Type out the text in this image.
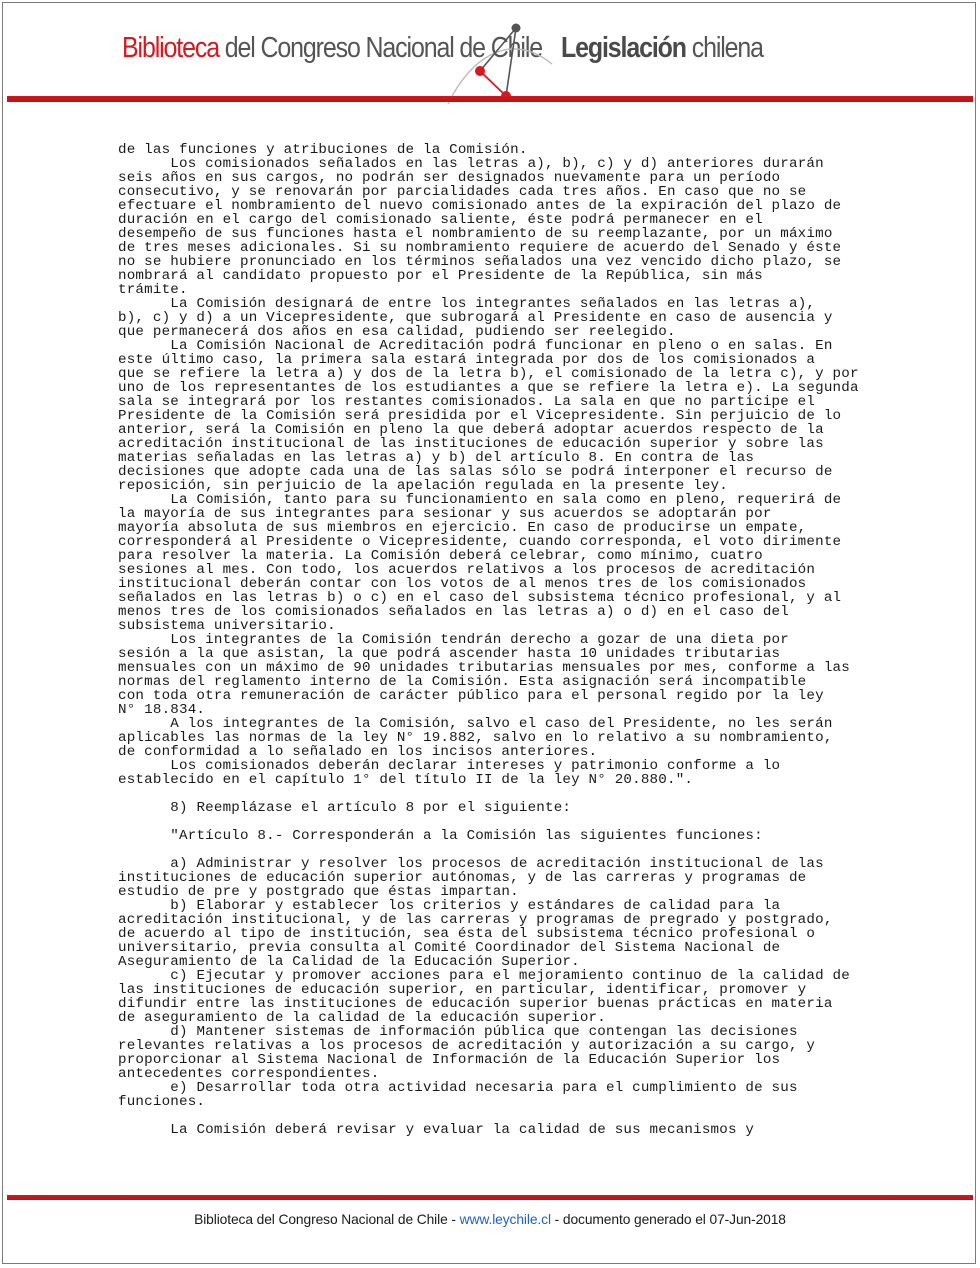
Biblioteca del Congreso Nacional de Chile Legislación chilena

de las funciones y atribuciones de la Comisión.

Los comisionados señalados en las letras a), b), c) y d) anteriores durarán

seis años en sus cargos, no podrán ser designados nuevamente para un período

consecutivo, y se renovarán por parcialidades cada tres años. En caso que no se

efectuare el nombramiento del nuevo comisionado antes de la expiración del plazo de

duración en el cargo del comisionado saliente, éste podrá permanecer en el

desempeño de sus funciones hasta el nombramiento de su reemplazante, por un máximo

de tres meses adicionales. Si su nombramiento requiere de acuerdo del Senado y éste

no se hubiere pronunciado en los términos señalados una vez vencido dicho plazo, se

nombrará al candidato propuesto por el Presidente de la República, sin más

trámite.

La Comisión designará de entre los integrantes señalados en las letras a),

b), c) y d) a un Vicepresidente, que subrogará al Presidente en caso de ausencia y

que permanecerá dos años en esa calidad, pudiendo ser reelegido.

La Comisión Nacional de Acreditación podrá funcionar en pleno o en salas. En

este último caso, la primera sala estará integrada por dos de los comisionados a

que se refiere la letra a) y dos de la letra b), el comisionado de la letra c), y por

uno de los representantes de los estudiantes a que se refiere la letra e). La segunda

sala se integrará por los restantes comisionados. La sala en que no participe el

Presidente de la Comisión será presidida por el Vicepresidente. Sin perjuicio de lo

anterior, será la Comisión en pleno la que deberá adoptar acuerdos respecto de la

acreditación institucional de las instituciones de educación superior y sobre las

materias señaladas en las letras a) y b) del artículo 8. En contra de las

decisiones que adopte cada una de las salas sólo se podrá interponer el recurso de

reposición, sin perjuicio de la apelación regulada en la presente ley.

La Comisión, tanto para su funcionamiento en sala como en pleno, requerirá de

la mayoría de sus integrantes para sesionar y sus acuerdos se adoptarán por

mayoría absoluta de sus miembros en ejercicio. En caso de producirse un empate,

corresponderá al Presidente o Vicepresidente, cuando corresponda, el voto dirimente

para resolver la materia. La Comisión deberá celebrar, como mínimo, cuatro

sesiones al mes. Con todo, los acuerdos relativos a los procesos de acreditación

institucional deberán contar con los votos de al menos tres de los comisionados

señalados en las letras b) o c) en el caso del subsistema técnico profesional, y al

menos tres de los comisionados señalados en las letras a) o d) en el caso del

subsistema universitario.

Los integrantes de la Comisión tendrán derecho a gozar de una dieta por

sesión a la que asistan, la que podrá ascender hasta 10 unidades tributarias

mensuales con un máximo de 90 unidades tributarias mensuales por mes, conforme a las

normas del reglamento interno de la Comisión. Esta asignación será incompatible

con toda otra remuneración de carácter público para el personal regido por la ley

N° 18.834.

A los integrantes de la Comisión, salvo el caso del Presidente, no les serán

aplicables las normas de la ley N° 19.882, salvo en lo relativo a su nombramiento,

de conformidad a lo señalado en los incisos anteriores.

Los comisionados deberán declarar intereses y patrimonio conforme a lo

establecido en el capítulo 1° del título II de la ley N° 20.880.".

8) Reemplázase el artículo 8 por el siguiente:

"Artículo 8.- Corresponderán a la Comisión las siguientes funciones:

a) Administrar y resolver los procesos de acreditación institucional de las

instituciones de educación superior autónomas, y de las carreras y programas de

estudio de pre y postgrado que éstas impartan.

b) Elaborar y establecer los criterios y estándares de calidad para la

acreditación institucional, y de las carreras y programas de pregrado y postgrado,

de acuerdo al tipo de institución, sea ésta del subsistema técnico profesional o

universitario, previa consulta al Comité Coordinador del Sistema Nacional de

Aseguramiento de la Calidad de la Educación Superior.

c) Ejecutar y promover acciones para el mejoramiento continuo de la calidad de

las instituciones de educación superior, en particular, identificar, promover y

difundir entre las instituciones de educación superior buenas prácticas en materia

de aseguramiento de la calidad de la educación superior.

d) Mantener sistemas de información pública que contengan las decisiones

relevantes relativas a los procesos de acreditación y autorización a su cargo, y

proporcionar al Sistema Nacional de Información de la Educación Superior los

antecedentes correspondientes.

e) Desarrollar toda otra actividad necesaria para el cumplimiento de sus

funciones.

La Comisión deberá revisar y evaluar la calidad de sus mecanismos y

Biblioteca del Congreso Nacional de Chile - www.leychile.cl - documento generado el 07-Jun-2018
